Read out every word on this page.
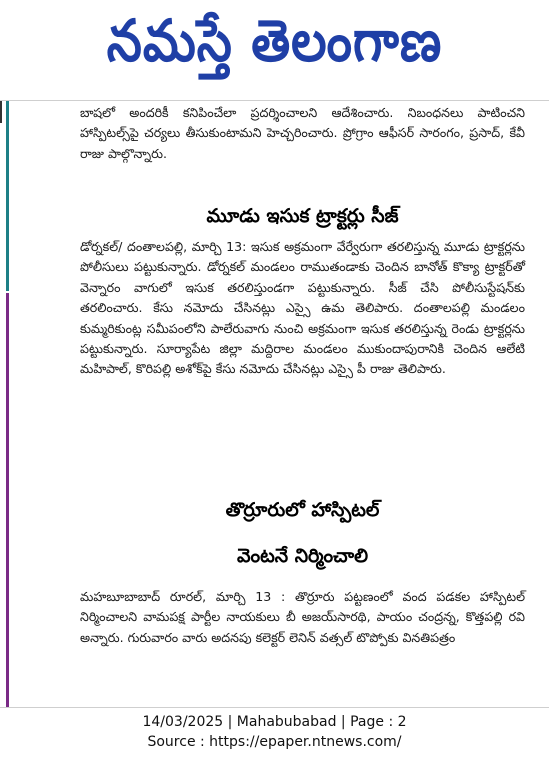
నమస్తే తెలంగాణ

బాషలో అందరికీ కనిపించేలా ప్రదర్శించాలని ఆదేశించారు. నిబంధనలు పాటించని హాస్పిటల్స్‌పై చర్యలు తీసుకుంటామని హెచ్చరించారు. ప్రోగ్రాం ఆఫీసర్ సారంగం, ప్రసాద్, కేవీ రాజు పాల్గొన్నారు.

మూడు ఇసుక ట్రాక్టర్లు సీజ్

డోర్నకల్/ దంతాలపల్లి, మార్చి 13: ఇసుక అక్రమంగా వేర్వేరుగా తరలిస్తున్న మూడు ట్రాక్టర్లను పోలీసులు పట్టుకున్నారు. డోర్నకల్ మండలం రాముతండాకు చెందిన బానోత్ కొక్యా ట్రాక్టర్‌తో వెన్నారం వాగులో ఇసుక తరలిస్తుండగా పట్టుకున్నారు. సీజ్ చేసి పోలీసుస్టేషన్‌కు తరలించారు. కేసు నమోదు చేసినట్లు ఎస్సై ఉమ తెలిపారు. దంతాలపల్లి మండలం కుమ్మరికుంట్ల సమీపంలోని పాలేరువాగు నుంచి అక్రమంగా ఇసుక తరలిస్తున్న రెండు ట్రాక్టర్లను పట్టుకున్నారు. సూర్యాపేట జిల్లా మద్దిరాల మండలం ముకుందాపురానికి చెందిన ఆలేటి మహిపాల్, కొరిపల్లి అశోక్‌పై కేసు నమోదు చేసినట్లు ఎస్సై పీ రాజు తెలిపారు.

తొర్రూరులో హాస్పిటల్
వెంటనే నిర్మించాలి

మహబూబాబాద్ రూరల్, మార్చి 13 : తొర్రూరు పట్టణంలో వంద పడకల హాస్పిటల్ నిర్మించాలని వామపక్ష పార్టీల నాయకులు బీ అజయ్‌సారథి, పాయం చంద్రన్న, కొత్తపల్లి రవి అన్నారు. గురువారం వారు అదనపు కలెక్టర్ లెనిన్ వత్సల్ టొప్పోకు వినతిపత్రం

14/03/2025 | Mahabubabad | Page : 2
Source : https://epaper.ntnews.com/
